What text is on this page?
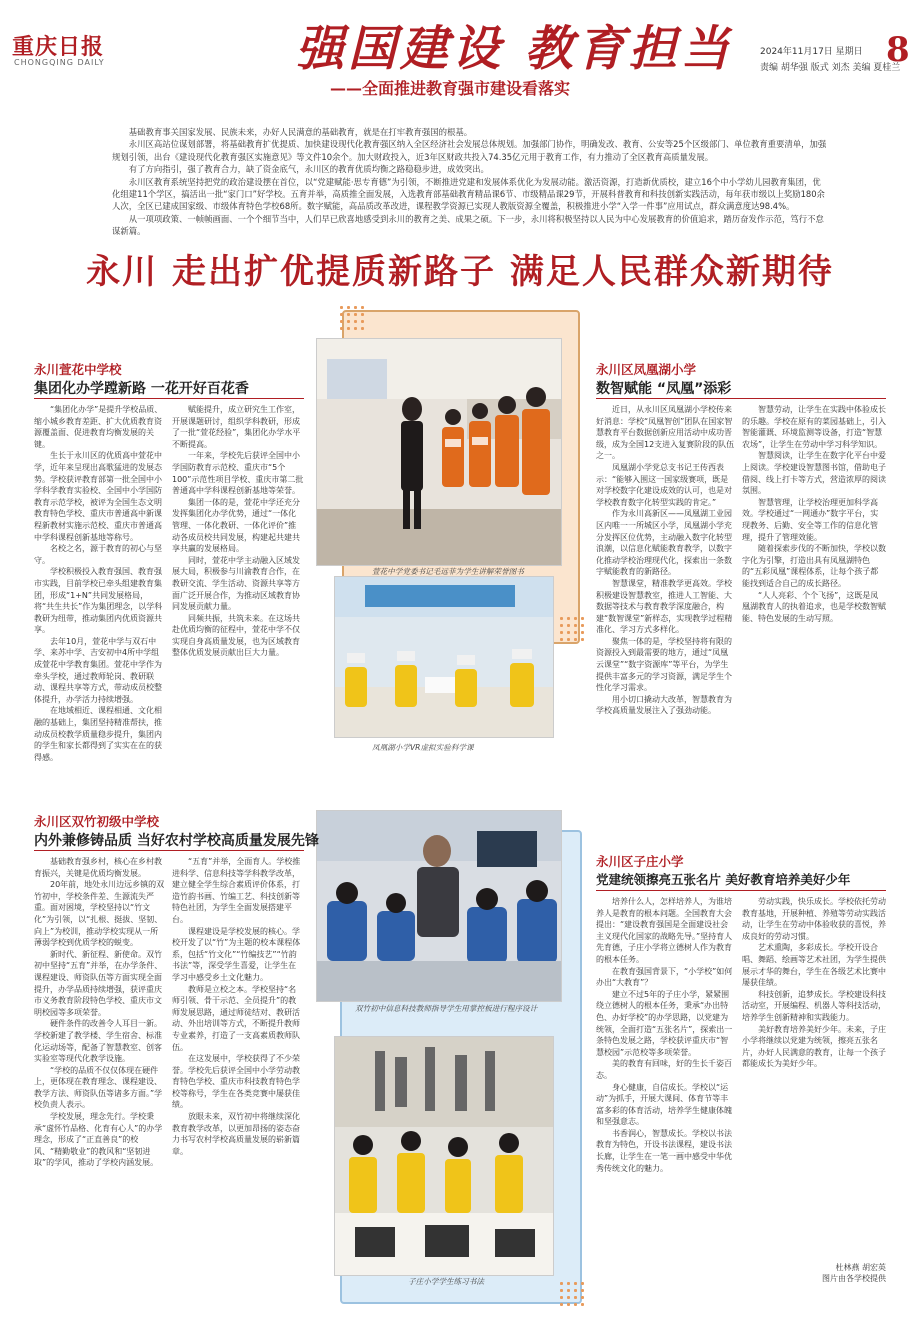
重庆日报
CHONGQING DAILY	强国建设 教育担当
——全面推进教育强市建设看落实
2024年11月17日 星期日
责编 胡华强 版式 刘杰 美编 夏桂兰
8

基础教育事关国家发展、民族未来，办好人民满意的基础教育，就是在打牢教育强国的根基。

永川区高站位谋划部署，将基础教育扩优提质、加快建设现代化教育强区纳入全区经济社会发展总体规划。加强部门协作，明确发改、教育、公安等25个区级部门、单位教育重要清单，加强规划引领，出台《建设现代化教育强区实施意见》等文件10余个。加大财政投入，近3年区财政共投入74.35亿元用于教育工作，有力推动了全区教育高质量发展。

有了方向指引，强了教育合力，缺了资金底气，永川区的教育优质均衡之路稳稳步进，成效突出。

永川区教育系统坚持把党的政治建设摆在首位，以“党建赋能·思专育德”为引领，不断推进党建和发展体系优化为发展动能。激活资源，打造新优质校，建立16个中小学幼儿园教育集团，优化组建11个学区，搞活出一批“家门口”好学校。五育并举，高质推全面发展，入选教育部基础教育精品课6节、市级精品课29节，开展科普教育和科技创新实践活动，每年获市级以上奖励180余人次，全区已建成国家级、市级体育特色学校68所。数字赋能，高品质改革改进，课程教学资源已实现人教版资源全覆盖，积极推进小学“入学一件事”应用试点，群众满意度达98.4%。

从一项项政策、一帧帧画面、一个个细节当中，人们早已欣喜地感受到永川的教育之美、成果之硕。下一步，永川将积极坚持以人民为中心发展教育的价值追求，踏历奋发作示范，笃行不怠谋新篇。

永川 走出扩优提质新路子 满足人民群众新期待
萱花中学党委书记毛远菲为学生讲解荣誉图书
凤凰湖小学VR虚拟实验科学课
双竹初中信息科技教师指导学生用掌控板进行程序设计
子庄小学学生练习书法
永川萱花中学校
集团化办学蹚新路 一花开好百花香

“集团化办学”是提升学校品质、缩小城乡教育差距、扩大优质教育资源覆盖面、促进教育均衡发展的关键。

生长于永川区的优质高中萱花中学，近年来呈现出高歌猛进的发展态势。学校获评教育部第一批全国中小学科学教育实验校、全国中小学国防教育示范学校，被评为全国生态文明教育特色学校、重庆市普通高中新课程新教材实施示范校、重庆市普通高中学科课程创新基地等称号。

名校之名，源于教育的初心与坚守。

学校积极投入教育强国、教育强市实践，目前学校已牵头组建教育集团，形成“1+N”共同发展格局，将“共生共长”作为集团理念，以学科教研为纽带，推动集团内优质资源共享。

去年10月，萱花中学与双石中学、来苏中学、吉安初中4所中学组成萱花中学教育集团。萱花中学作为牵头学校，通过教师轮岗、教研联动、课程共享等方式，带动成员校整体提升，办学活力持续增强。

在地域相近、课程相通、文化相融的基础上，集团坚持精准帮扶，推动成员校教学质量稳步提升，集团内的学生和家长都得到了实实在在的获得感。

赋能提升，成立研究生工作室，开展课题研讨，组织学科教研，形成了一批“萱花经验”，集团化办学水平不断提高。

一年来，学校先后获评全国中小学国防教育示范校、重庆市“5个100”示范性项目学校、重庆市第二批普通高中学科课程创新基地等荣誉。

集团一体的是，萱花中学还充分发挥集团化办学优势，通过“一体化管理、一体化教研、一体化评价”推动各成员校共同发展，构建起共建共享共赢的发展格局。

同时，萱花中学主动融入区域发展大局，积极参与川渝教育合作，在教研交流、学生活动、资源共享等方面广泛开展合作，为推动区域教育协同发展贡献力量。

同频共振，共筑未来。在这场共赴优质均衡的征程中，萱花中学不仅实现自身高质量发展，也为区域教育整体优质发展贡献出巨大力量。

永川区凤凰湖小学
数智赋能 “凤凰”添彩

近日，从永川区凤凰湖小学校传来好消息：学校“凤凰智创”团队在国家智慧教育平台数据创新应用活动中成功晋级，成为全国12支进入复赛阶段的队伍之一。

凤凰湖小学党总支书记王传西表示：“能够入围这一国家级赛项，既是对学校数字化建设成效的认可，也是对学校教育数字化转型实践的肯定。”

作为永川高新区——凤凰湖工业园区内唯一一所城区小学，凤凰湖小学充分发挥区位优势，主动融入数字化转型浪潮，以信息化赋能教育教学，以数字化推动学校治理现代化，探索出一条数字赋能教育的新路径。

智慧课堂，精准教学更高效。学校积极建设智慧教室，推进人工智能、大数据等技术与教育教学深度融合，构建“数智课堂”新样态，实现教学过程精准化、学习方式多样化。

聚焦一体的是，学校坚持将有限的资源投入到最需要的地方，通过“凤凰云课堂”“数字资源库”等平台，为学生提供丰富多元的学习资源，满足学生个性化学习需求。

用小切口撬动大改革，智慧教育为学校高质量发展注入了强劲动能。

智慧劳动，让学生在实践中体验成长的乐趣。学校在原有的菜园基础上，引入智能灌溉、环境监测等设备，打造“智慧农场”，让学生在劳动中学习科学知识。

智慧阅读，让学生在数字化平台中爱上阅读。学校建设智慧图书馆，借助电子借阅、线上打卡等方式，营造浓厚的阅读氛围。

智慧管理，让学校治理更加科学高效。学校通过“一网通办”数字平台，实现教务、后勤、安全等工作的信息化管理，提升了管理效能。

随着探索步伐的不断加快，学校以数字化为引擎，打造出具有凤凰湖特色的“五彩凤凰”课程体系，让每个孩子都能找到适合自己的成长路径。

“人人亮彩、个个飞扬”，这既是凤凰湖教育人的执着追求，也是学校数智赋能、特色发展的生动写照。

永川区双竹初级中学校
内外兼修铸品质 当好农村学校高质量发展先锋

基础教育强乡村，核心在乡村教育振兴，关键是优质均衡发展。

20年前，地处永川边远乡镇的双竹初中，学校条件差、生源流失严重。面对困境，学校坚持以“竹文化”为引领，以“扎根、挺拔、坚韧、向上”为校训，推动学校实现从一所薄弱学校到优质学校的蜕变。

新时代、新征程、新使命。双竹初中坚持“五育”并举，在办学条件、课程建设、师资队伍等方面实现全面提升，办学品质持续增强，获评重庆市义务教育阶段特色学校、重庆市文明校园等多项荣誉。

硬件条件的改善令人耳目一新。学校新建了教学楼、学生宿舍、标准化运动场等，配备了智慧教室、创客实验室等现代化教学设施。

“学校的品质不仅仅体现在硬件上，更体现在教育理念、课程建设、教学方法、师资队伍等诸多方面。”学校负责人表示。

学校发展，理念先行。学校秉承“虚怀竹品格、化育有心人”的办学理念，形成了“正直善良”的校风、“精勤敬业”的教风和“坚韧进取”的学风，推动了学校内涵发展。

“五育”并举，全面育人。学校推进科学、信息科技等学科教学改革，建立健全学生综合素质评价体系，打造竹韵书画、竹编工艺、科技创新等特色社团，为学生全面发展搭建平台。

课程建设是学校发展的核心。学校开发了以“竹”为主题的校本课程体系，包括“竹文化”“竹编技艺”“竹韵书法”等，深受学生喜爱，让学生在学习中感受乡土文化魅力。

教师是立校之本。学校坚持“名师引领、骨干示范、全员提升”的教师发展思路，通过师徒结对、教研活动、外出培训等方式，不断提升教师专业素养，打造了一支高素质教师队伍。

在这发展中，学校获得了不少荣誉。学校先后获评全国中小学劳动教育特色学校、重庆市科技教育特色学校等称号，学生在各类竞赛中屡获佳绩。

放眼未来，双竹初中将继续深化教育教学改革，以更加昂扬的姿态奋力书写农村学校高质量发展的崭新篇章。

永川区子庄小学
党建统领擦亮五张名片 美好教育培养美好少年

培养什么人，怎样培养人，为谁培养人是教育的根本问题。全国教育大会提出：“建设教育强国是全面建设社会主义现代化国家的战略先导。”坚持育人先育德，子庄小学将立德树人作为教育的根本任务。

在教育强国背景下，“小学校”如何办出“大教育”？

建立不过5年的子庄小学，紧紧围绕立德树人的根本任务，秉承“办出特色、办好学校”的办学思路，以党建为统领，全面打造“五张名片”，探索出一条特色发展之路，学校获评重庆市“智慧校园”示范校等多项荣誉。

美的教育有回味，好的生长千姿百态。

身心健康，自信成长。学校以“运动”为抓手，开展大课间、体育节等丰富多彩的体育活动，培养学生健康体魄和坚强意志。

书香润心，智慧成长。学校以书法教育为特色，开设书法课程，建设书法长廊，让学生在一笔一画中感受中华优秀传统文化的魅力。

劳动实践，快乐成长。学校依托劳动教育基地，开展种植、养殖等劳动实践活动，让学生在劳动中体验收获的喜悦，养成良好的劳动习惯。

艺术熏陶，多彩成长。学校开设合唱、舞蹈、绘画等艺术社团，为学生提供展示才华的舞台，学生在各级艺术比赛中屡获佳绩。

科技创新，追梦成长。学校建设科技活动室，开展编程、机器人等科技活动，培养学生创新精神和实践能力。

美好教育培养美好少年。未来，子庄小学将继续以党建为统领，擦亮五张名片，办好人民满意的教育，让每一个孩子都能成长为美好少年。

杜林燕 胡宏英
图片由各学校提供
